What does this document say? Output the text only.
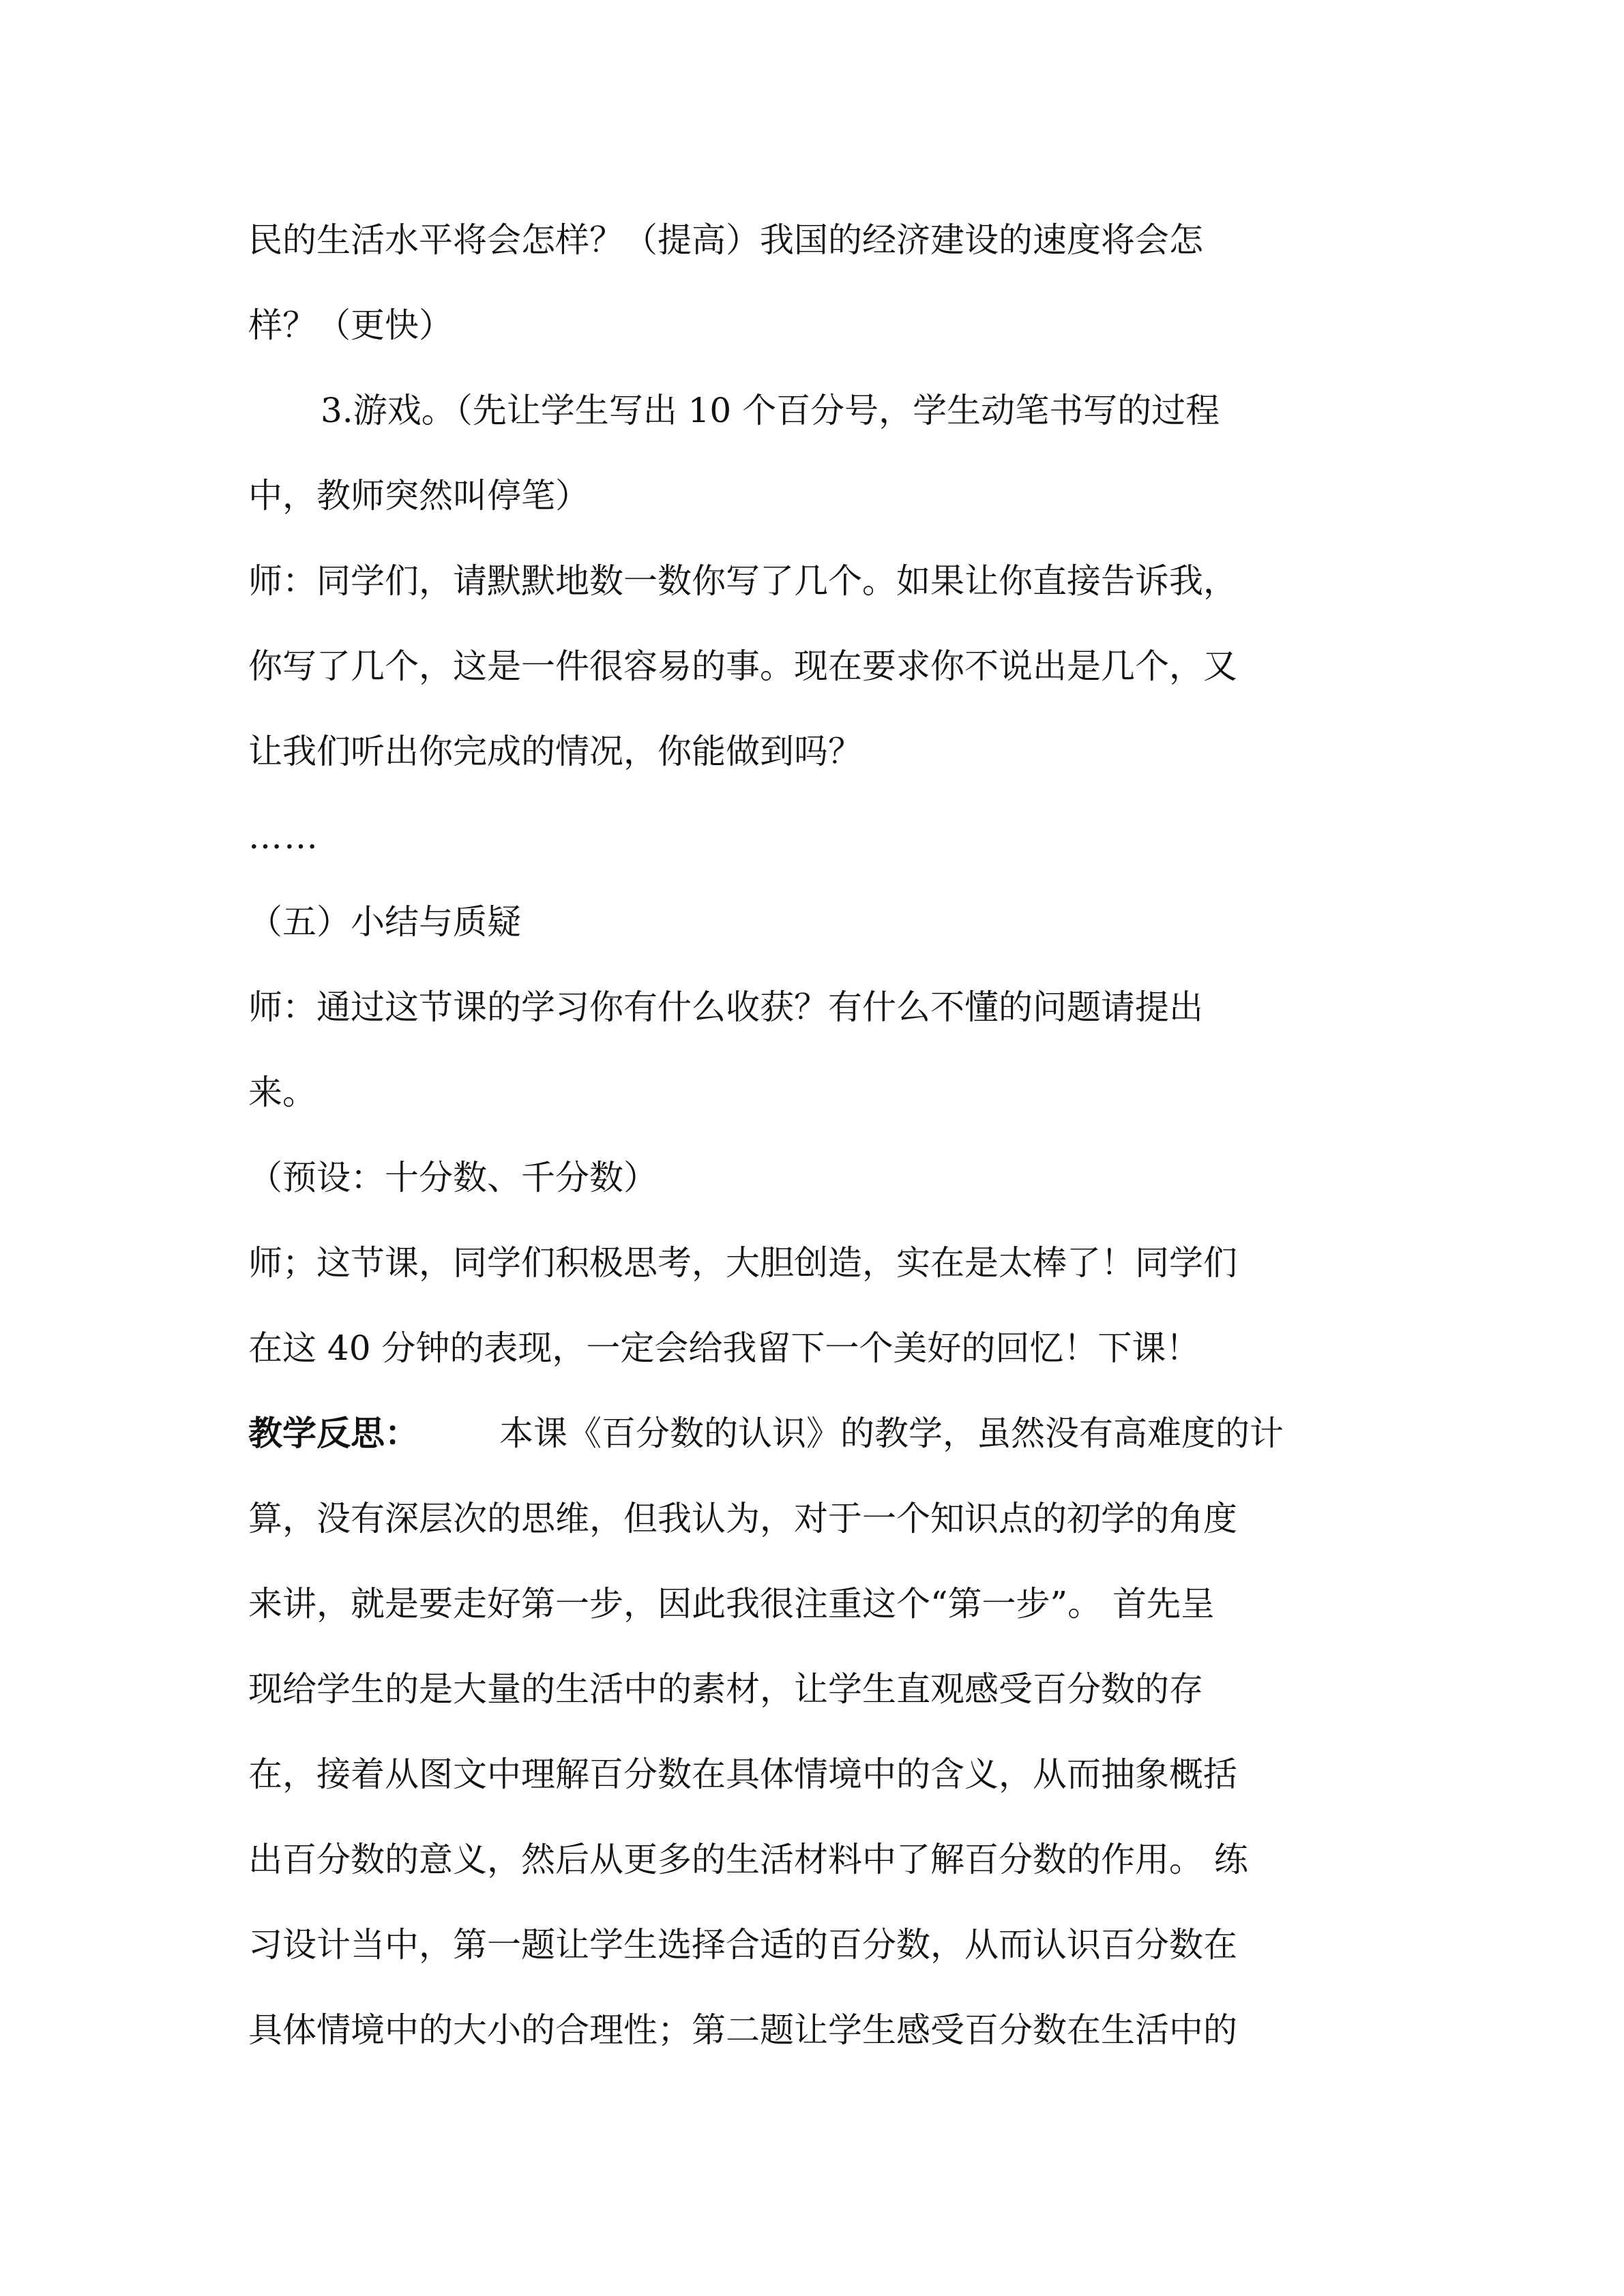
民的生活水平将会怎样？（提高）我国的经济建设的速度将会怎
样？（更快）
3.游戏。（先让学生写出 10 个百分号，学生动笔书写的过程
中，教师突然叫停笔）
师：同学们，请默默地数一数你写了几个。如果让你直接告诉我，
你写了几个，这是一件很容易的事。现在要求你不说出是几个，又
让我们听出你完成的情况，你能做到吗？
……
（五）小结与质疑
师：通过这节课的学习你有什么收获？有什么不懂的问题请提出
来。
（预设：十分数、千分数）
师；这节课，同学们积极思考，大胆创造，实在是太棒了！同学们
在这 40 分钟的表现，一定会给我留下一个美好的回忆！下课！
教学反思： 本课《百分数的认识》的教学，虽然没有高难度的计
算，没有深层次的思维，但我认为，对于一个知识点的初学的角度
来讲，就是要走好第一步，因此我很注重这个“第一步”。 首先呈
现给学生的是大量的生活中的素材，让学生直观感受百分数的存
在，接着从图文中理解百分数在具体情境中的含义，从而抽象概括
出百分数的意义，然后从更多的生活材料中了解百分数的作用。 练
习设计当中，第一题让学生选择合适的百分数，从而认识百分数在
具体情境中的大小的合理性；第二题让学生感受百分数在生活中的
